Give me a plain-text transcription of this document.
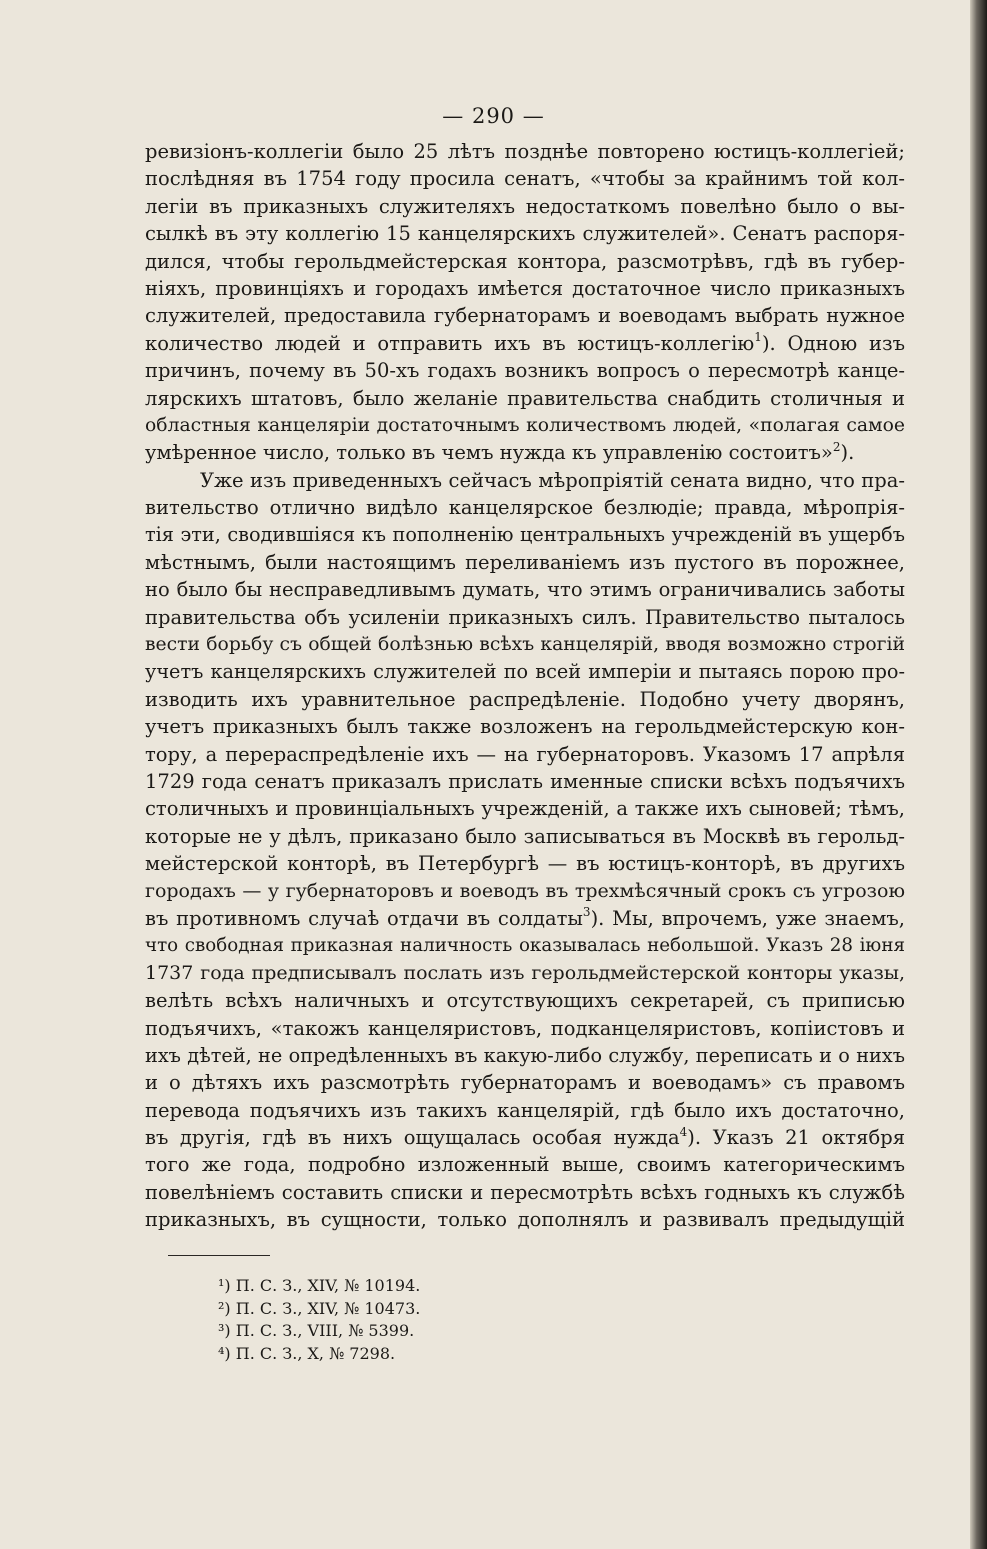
— 290 —
ревизіонъ-коллегіи было 25 лѣтъ позднѣе повторено юстицъ-коллегіей;
послѣдняя въ 1754 году просила сенатъ, «чтобы за крайнимъ той кол-
легіи въ приказныхъ служителяхъ недостаткомъ повелѣно было о вы-
сылкѣ въ эту коллегію 15 канцелярскихъ служителей». Сенатъ распоря-
дился, чтобы герольдмейстерская контора, разсмотрѣвъ, гдѣ въ губер-
ніяхъ, провинціяхъ и городахъ имѣется достаточное число приказныхъ
служителей, предоставила губернаторамъ и воеводамъ выбрать нужное
количество людей и отправить ихъ въ юстицъ-коллегію$^1$). Одною изъ
причинъ, почему въ 50-хъ годахъ возникъ вопросъ о пересмотрѣ канце-
лярскихъ штатовъ, было желаніе правительства снабдить столичныя и
областныя канцеляріи достаточнымъ количествомъ людей, «полагая самое
умѣренное число, только въ чемъ нужда къ управленію состоитъ»$^2$).
Уже изъ приведенныхъ сейчасъ мѣропріятій сената видно, что пра-
вительство отлично видѣло канцелярское безлюдіе; правда, мѣропрія-
тія эти, сводившіяся къ пополненію центральныхъ учрежденій въ ущербъ
мѣстнымъ, были настоящимъ переливаніемъ изъ пустого въ порожнее,
но было бы несправедливымъ думать, что этимъ ограничивались заботы
правительства объ усиленіи приказныхъ силъ. Правительство пыталось
вести борьбу съ общей болѣзнью всѣхъ канцелярій, вводя возможно строгій
учетъ канцелярскихъ служителей по всей имперіи и пытаясь порою про-
изводить ихъ уравнительное распредѣленіе. Подобно учету дворянъ,
учетъ приказныхъ былъ также возложенъ на герольдмейстерскую кон-
тору, а перераспредѣленіе ихъ — на губернаторовъ. Указомъ 17 апрѣля
1729 года сенатъ приказалъ прислать именные списки всѣхъ подъячихъ
столичныхъ и провинціальныхъ учрежденій, а также ихъ сыновей; тѣмъ,
которые не у дѣлъ, приказано было записываться въ Москвѣ въ герольд-
мейстерской конторѣ, въ Петербургѣ — въ юстицъ-конторѣ, въ другихъ
городахъ — у губернаторовъ и воеводъ въ трехмѣсячный срокъ съ угрозою
въ противномъ случаѣ отдачи въ солдаты$^3$). Мы, впрочемъ, уже знаемъ,
что свободная приказная наличность оказывалась небольшой. Указъ 28 іюня
1737 года предписывалъ послать изъ герольдмейстерской конторы указы,
велѣть всѣхъ наличныхъ и отсутствующихъ секретарей, съ приписью
подъячихъ, «такожъ канцеляристовъ, подканцеляристовъ, копіистовъ и
ихъ дѣтей, не опредѣленныхъ въ какую-либо службу, переписать и о нихъ
и о дѣтяхъ ихъ разсмотрѣть губернаторамъ и воеводамъ» съ правомъ
перевода подъячихъ изъ такихъ канцелярій, гдѣ было ихъ достаточно,
въ другія, гдѣ въ нихъ ощущалась особая нужда$^4$). Указъ 21 октября
того же года, подробно изложенный выше, своимъ категорическимъ
повелѣніемъ составить списки и пересмотрѣть всѣхъ годныхъ къ службѣ
приказныхъ, въ сущности, только дополнялъ и развивалъ предыдущій
¹) П. С. З., XIV, № 10194.
²) П. С. З., XIV, № 10473.
³) П. С. З., VIII, № 5399.
⁴) П. С. З., X, № 7298.
